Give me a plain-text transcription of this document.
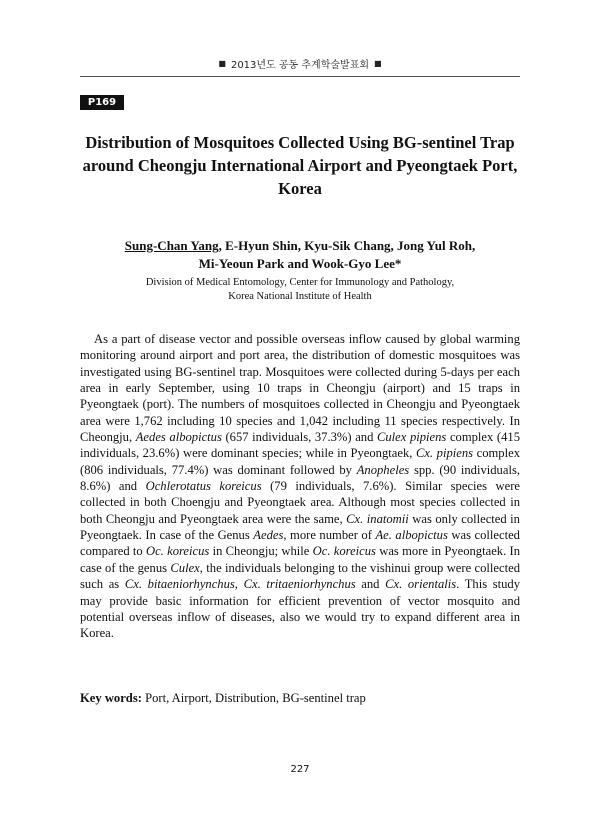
■ 2013년도 공동 추계학술발표회 ■
P169
Distribution of Mosquitoes Collected Using BG-sentinel Trap
around Cheongju International Airport and Pyeongtaek Port,
Korea
Sung-Chan Yang, E-Hyun Shin, Kyu-Sik Chang, Jong Yul Roh,
Mi-Yeoun Park and Wook-Gyo Lee*
Division of Medical Entomology, Center for Immunology and Pathology,
Korea National Institute of Health

As a part of disease vector and possible overseas inflow caused by global warming monitoring around airport and port area, the distribution of domestic mosquitoes was investigated using BG-sentinel trap. Mosquitoes were collected during 5-days per each area in early September, using 10 traps in Cheongju (airport) and 15 traps in Pyeongtaek (port). The numbers of mosquitoes collected in Cheongju and Pyeongtaek area were 1,762 including 10 species and 1,042 including 11 species respectively. In Cheongju, Aedes albopictus (657 individuals, 37.3%) and Culex pipiens complex (415 individuals, 23.6%) were dominant species; while in Pyeongtaek, Cx. pipiens complex (806 individuals, 77.4%) was dominant followed by Anopheles spp. (90 individuals, 8.6%) and Ochlerotatus koreicus (79 individuals, 7.6%). Similar species were collected in both Choengju and Pyeongtaek area. Although most species collected in both Cheongju and Pyeongtaek area were the same, Cx. inatomii was only collected in Pyeongtaek. In case of the Genus Aedes, more number of Ae. albopictus was collected compared to Oc. koreicus in Cheongju; while Oc. koreicus was more in Pyeongtaek. In case of the genus Culex, the individuals belonging to the vishinui group were collected such as Cx. bitaeniorhynchus, Cx. tritaeniorhynchus and Cx. orientalis. This study may provide basic information for efficient prevention of vector mosquito and potential overseas inflow of diseases, also we would try to expand different area in Korea.

Key words: Port, Airport, Distribution, BG-sentinel trap
227
